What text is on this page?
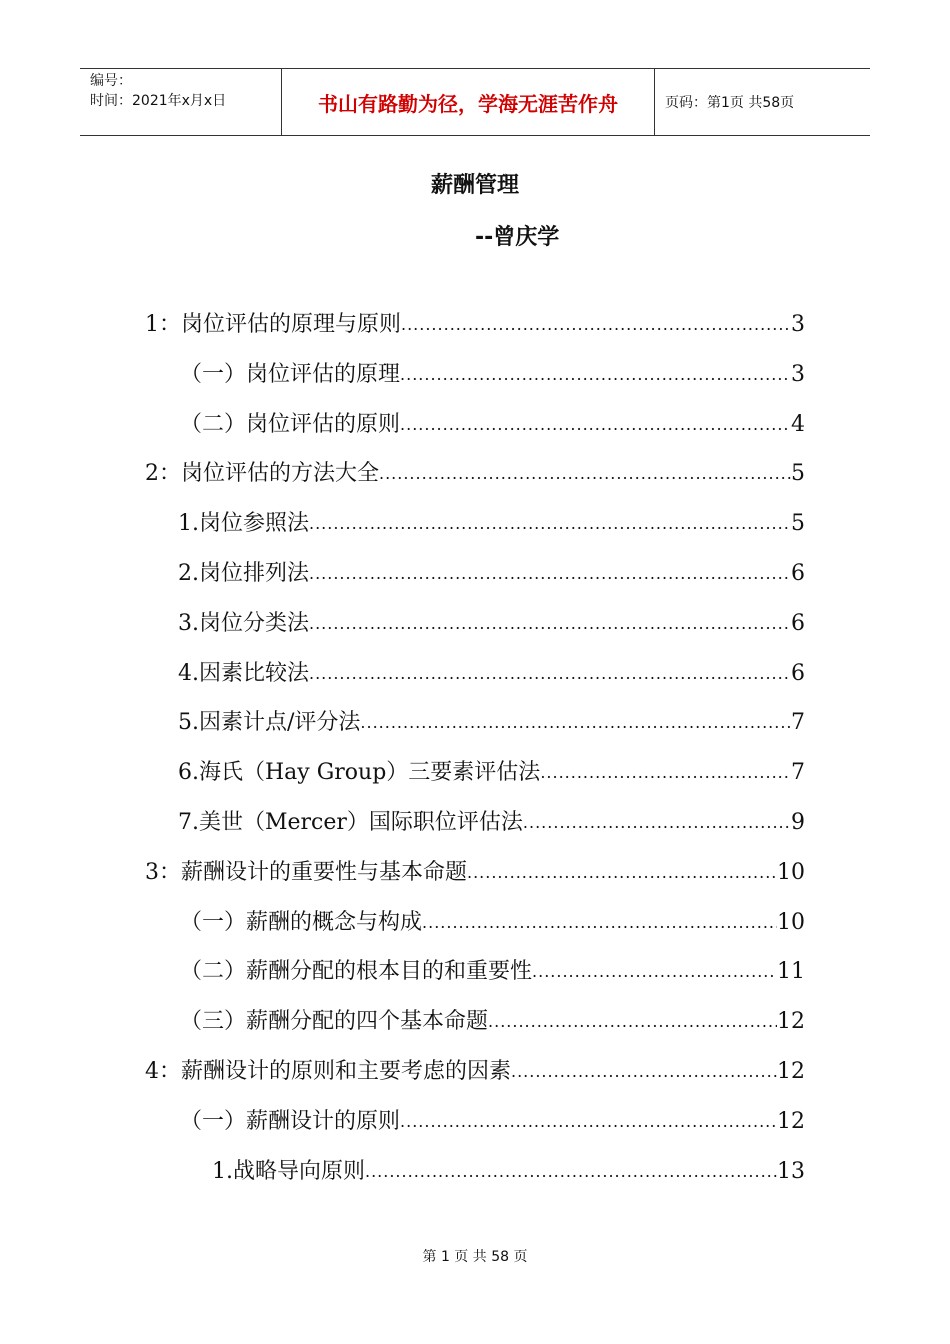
编号：
时间：2021年x月x日	书山有路勤为径，学海无涯苦作舟	页码：第1页 共58页
薪酬管理
--曾庆学
1：岗位评估的原理与原则 .....	3
（一）岗位评估的原理 .....	3
（二）岗位评估的原则 .....	4
2：岗位评估的方法大全 .....	5
1.岗位参照法 .....	5
2.岗位排列法 .....	6
3.岗位分类法 .....	6
4.因素比较法 .....	6
5.因素计点/评分法 .....	7
6.海氏（Hay Group）三要素评估法 .....	7
7.美世（Mercer）国际职位评估法 .....	9
3：薪酬设计的重要性与基本命题 .....	10
（一）薪酬的概念与构成 .....	10
（二）薪酬分配的根本目的和重要性 .....	11
（三）薪酬分配的四个基本命题 .....	12
4：薪酬设计的原则和主要考虑的因素 .....	12
（一）薪酬设计的原则 .....	12
1.战略导向原则 .....	13
第 1 页 共 58 页
